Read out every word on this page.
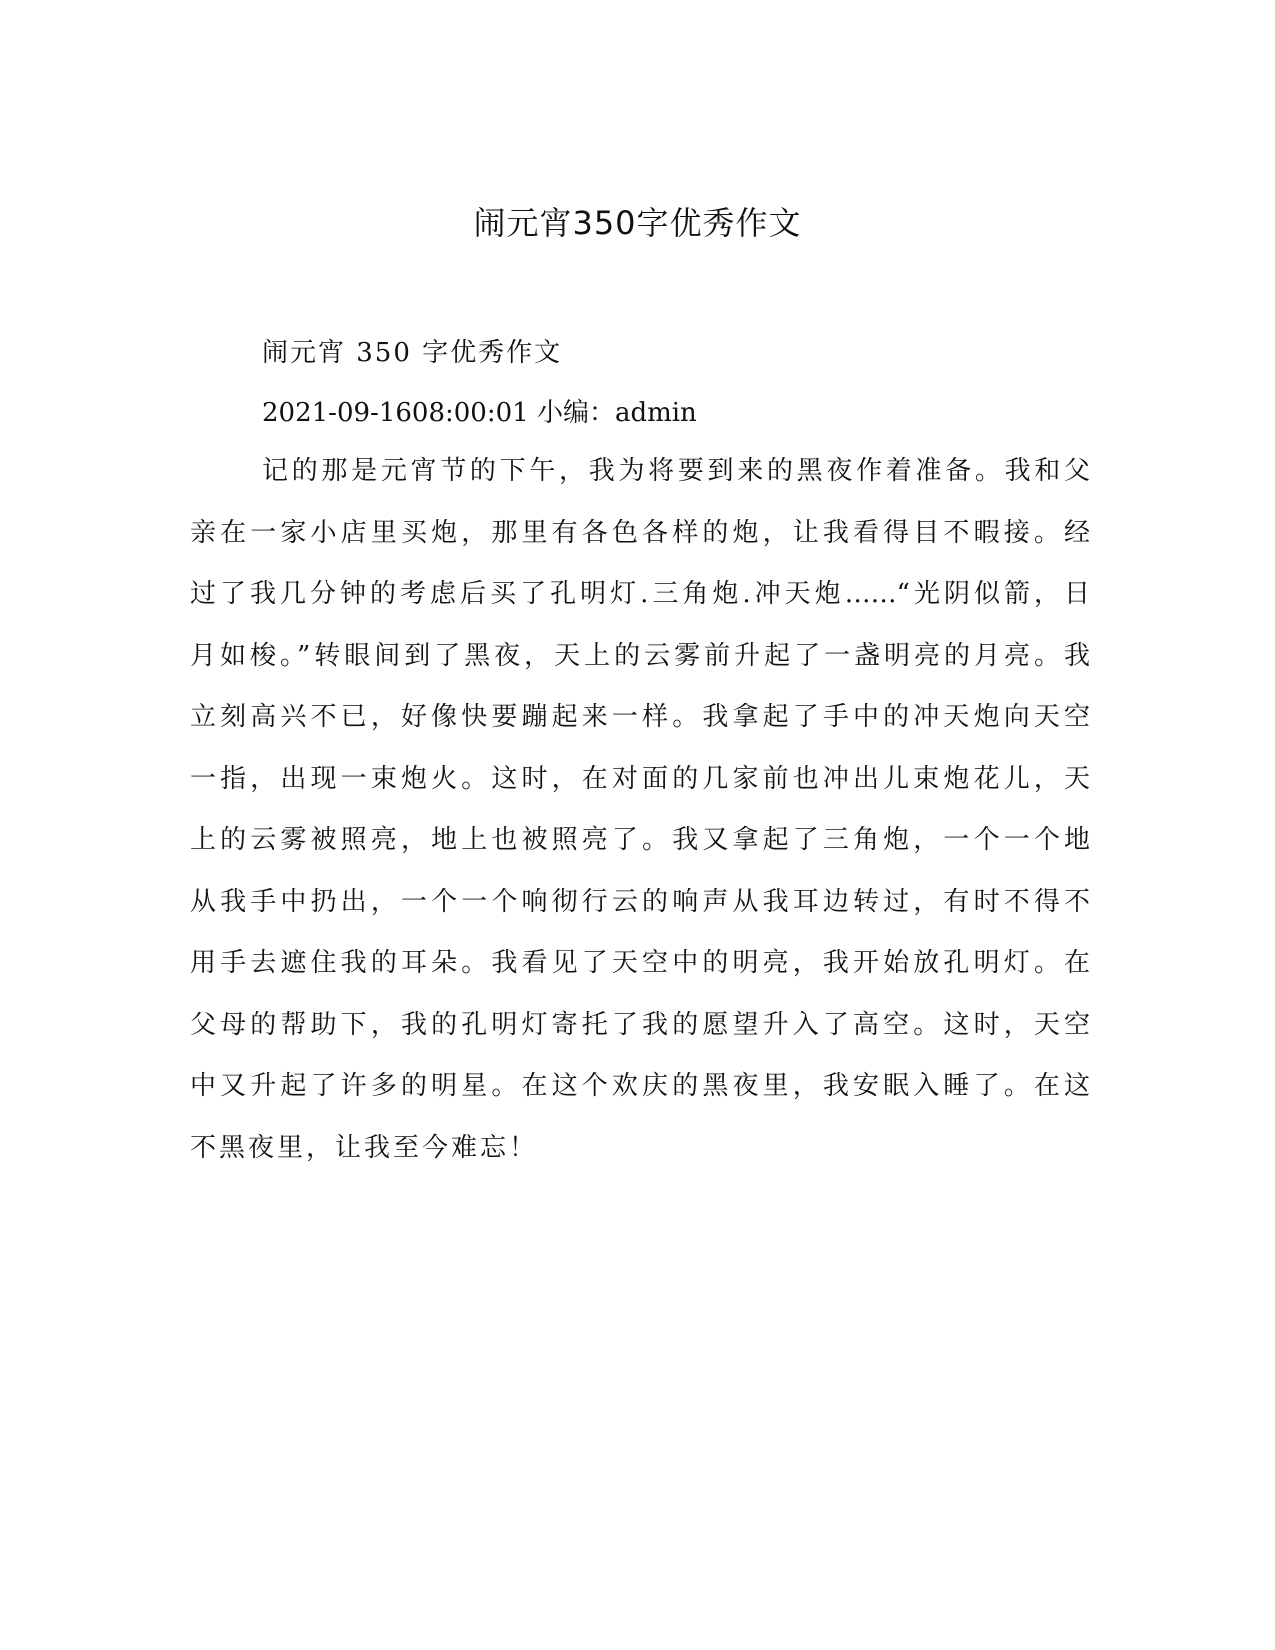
闹元宵350字优秀作文
闹元宵 350 字优秀作文
2021-09-1608:00:01 小编：admin
记的那是元宵节的下午，我为将要到来的黑夜作着准备。我和父
亲在一家小店里买炮，那里有各色各样的炮，让我看得目不暇接。经
过了我几分钟的考虑后买了孔明灯.三角炮.冲天炮……“光阴似箭，日
月如梭。”转眼间到了黑夜，天上的云雾前升起了一盏明亮的月亮。我
立刻高兴不已，好像快要蹦起来一样。我拿起了手中的冲天炮向天空
一指，出现一束炮火。这时，在对面的几家前也冲出儿束炮花儿，天
上的云雾被照亮，地上也被照亮了。我又拿起了三角炮，一个一个地
从我手中扔出，一个一个响彻行云的响声从我耳边转过，有时不得不
用手去遮住我的耳朵。我看见了天空中的明亮，我开始放孔明灯。在
父母的帮助下，我的孔明灯寄托了我的愿望升入了高空。这时，天空
中又升起了许多的明星。在这个欢庆的黑夜里，我安眠入睡了。在这
不黑夜里，让我至今难忘！
